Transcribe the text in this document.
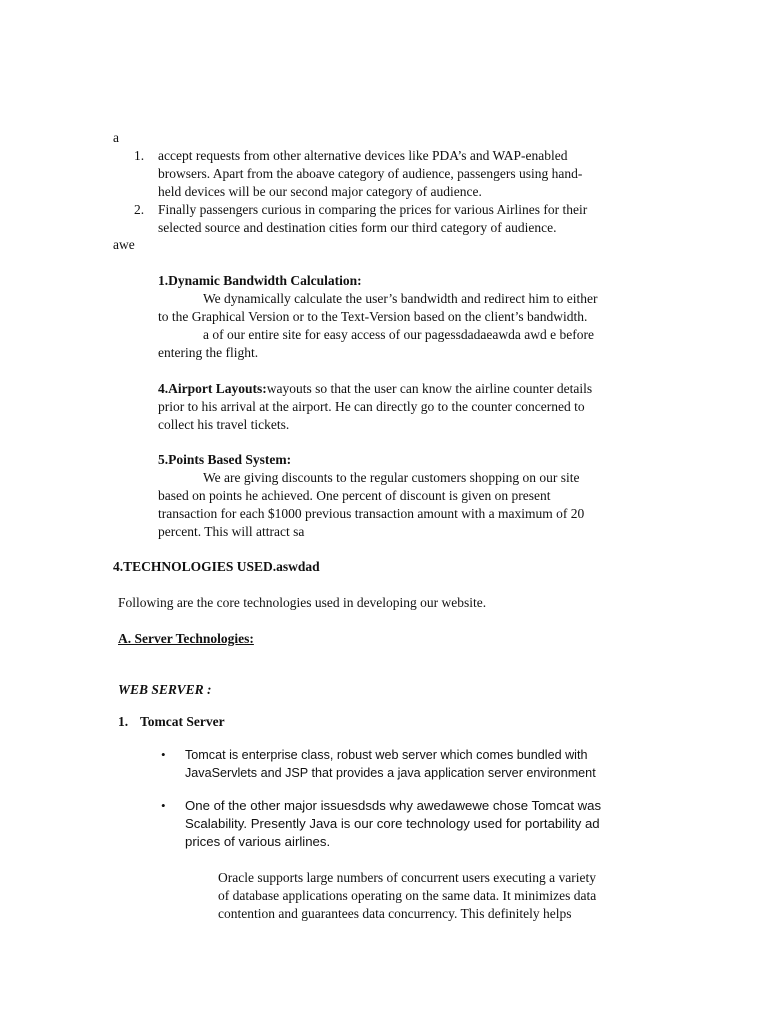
a
1. accept requests from other alternative devices like PDA’s and WAP-enabled
browsers. Apart from the aboave category of audience, passengers using hand-
held devices will be our second major category of audience.
2. Finally passengers curious in comparing the prices for various Airlines for their
selected source and destination cities form our third category of audience.
awe
1.Dynamic Bandwidth Calculation:
We dynamically calculate the user’s bandwidth and redirect him to either
to the Graphical Version or to the Text-Version based on the client’s bandwidth.
a of our entire site for easy access of our pagessdadaeawda awd e before
entering the flight.
4.Airport Layouts:wayouts so that the user can know the airline counter details
prior to his arrival at the airport. He can directly go to the counter concerned to
collect his travel tickets.
5.Points Based System:
We are giving discounts to the regular customers shopping on our site
based on points he achieved. One percent of discount is given on present
transaction for each $1000 previous transaction amount with a maximum of 20
percent. This will attract sa
4.TECHNOLOGIES USED.aswdad
Following are the core technologies used in developing our website.
A. Server Technologies:
WEB SERVER :
1. Tomcat Server
• Tomcat is enterprise class, robust web server which comes bundled with
JavaServlets and JSP that provides a java application server environment
• One of the other major issuesdsds why awedawewe chose Tomcat was
Scalability. Presently Java is our core technology used for portability ad
prices of various airlines.
Oracle supports large numbers of concurrent users executing a variety
of database applications operating on the same data. It minimizes data
contention and guarantees data concurrency. This definitely helps
